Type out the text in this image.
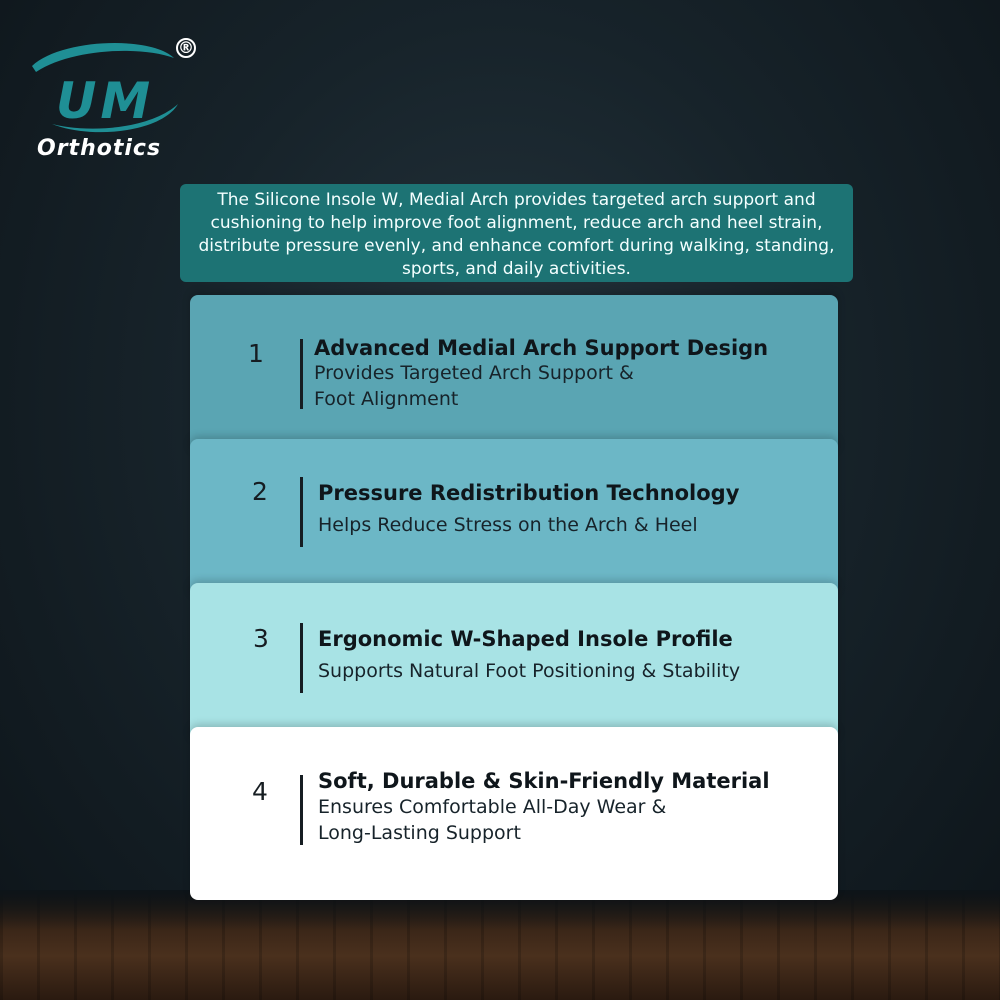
UM
®
Orthotics
The Silicone Insole W, Medial Arch provides targeted arch support and cushioning to help improve foot alignment, reduce arch and heel strain, distribute pressure evenly, and enhance comfort during walking, standing, sports, and daily activities.
1 Advanced Medial Arch Support Design
Provides Targeted Arch Support &
Foot Alignment
2 Pressure Redistribution Technology
Helps Reduce Stress on the Arch & Heel
3 Ergonomic W-Shaped Insole Profile
Supports Natural Foot Positioning & Stability
4 Soft, Durable & Skin-Friendly Material
Ensures Comfortable All-Day Wear &
Long-Lasting Support
